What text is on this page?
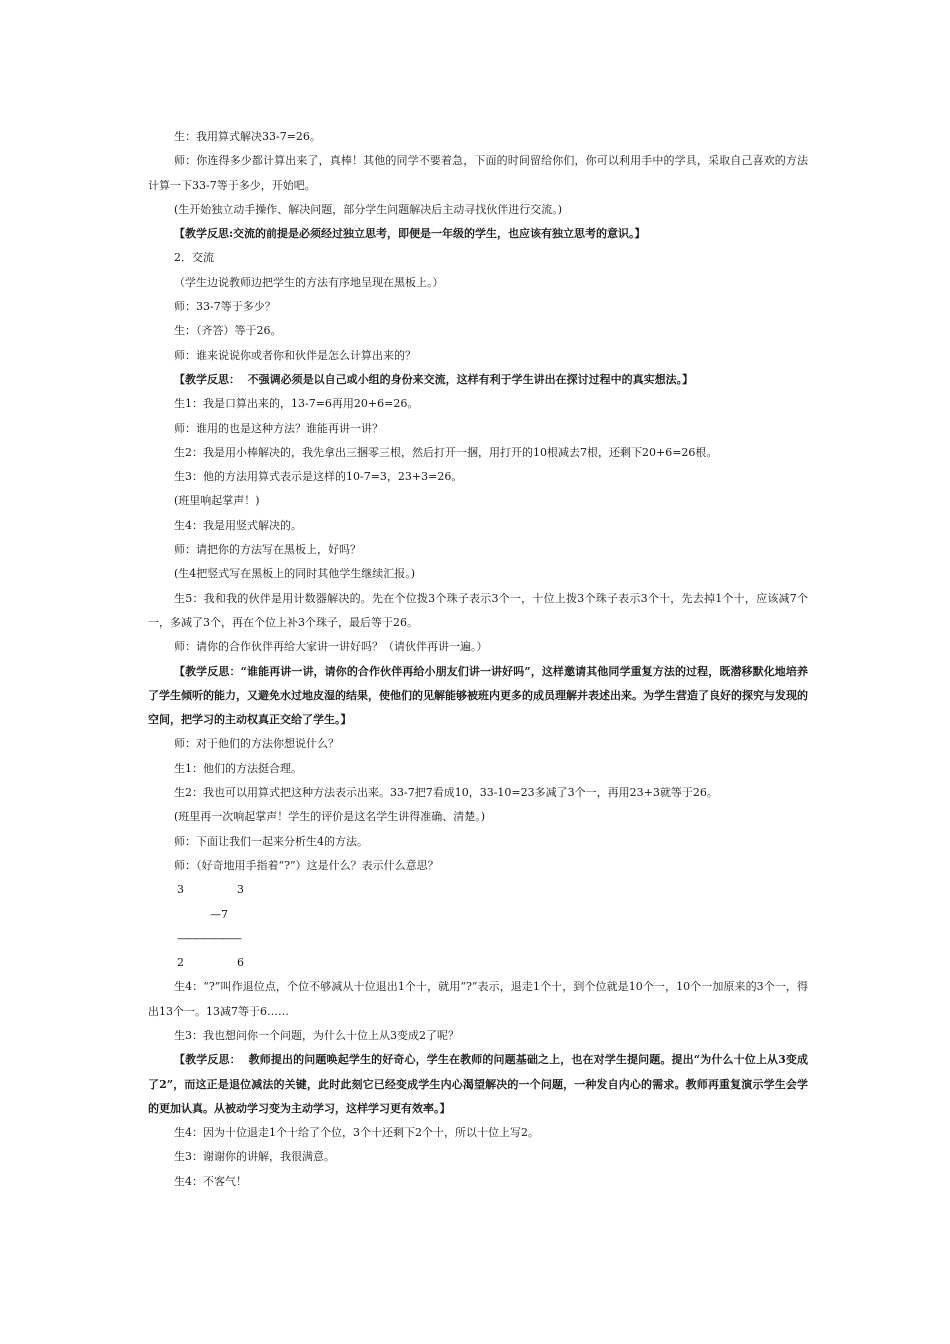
生：我用算式解决33-7=26。

师：你连得多少都计算出来了，真棒！其他的同学不要着急，下面的时间留给你们，你可以利用手中的学具，采取自己喜欢的方法计算一下33-7等于多少，开始吧。

(生开始独立动手操作、解决问题，部分学生问题解决后主动寻找伙伴进行交流。)

【教学反思:交流的前提是必须经过独立思考，即便是一年级的学生，也应该有独立思考的意识。】

2．交流

（学生边说教师边把学生的方法有序地呈现在黑板上。）

师：33-7等于多少？

生：（齐答）等于26。

师：谁来说说你或者你和伙伴是怎么计算出来的？

【教学反思：  不强调必须是以自己或小组的身份来交流，这样有利于学生讲出在探讨过程中的真实想法。】

生1：我是口算出来的，13-7=6再用20+6=26。

师：谁用的也是这种方法？谁能再讲一讲？

生2：我是用小棒解决的，我先拿出三捆零三根，然后打开一捆，用打开的10根减去7根，还剩下20+6=26根。

生3：他的方法用算式表示是这样的10-7=3，23+3=26。

(班里响起掌声！)

生4：我是用竖式解决的。

师：请把你的方法写在黑板上，好吗？

(生4把竖式写在黑板上的同时其他学生继续汇报。)

生5：我和我的伙伴是用计数器解决的。先在个位拨3个珠子表示3个一，十位上拨3个珠子表示3个十，先去掉1个十，应该减7个一，多减了3个，再在个位上补3个珠子，最后等于26。

师：请你的合作伙伴再给大家讲一讲好吗？（请伙伴再讲一遍。）

【教学反思：“谁能再讲一讲，请你的合作伙伴再给小朋友们讲一讲好吗”，这样邀请其他同学重复方法的过程，既潜移默化地培养了学生倾听的能力，又避免水过地皮湿的结果，使他们的见解能够被班内更多的成员理解并表述出来。为学生营造了良好的探究与发现的空间，把学习的主动权真正交给了学生。】

师：对于他们的方法你想说什么？

生1：他们的方法挺合理。

生2：我也可以用算式把这种方法表示出来。33-7把7看成10，33-10=23多减了3个一，再用23+3就等于26。

(班里再一次响起掌声！学生的评价是这名学生讲得准确、清楚。)

师：下面让我们一起来分析生4的方法。

师：（好奇地用手指着“?”）这是什么？表示什么意思？

3	3
—7
———————
2	6

生4：“?”叫作退位点，个位不够减从十位退出1个十，就用“?”表示，退走1个十，到个位就是10个一，10个一加原来的3个一，得出13个一。13减7等于6……

生3：我也想问你一个问题，为什么十位上从3变成2了呢？

【教学反思：  教师提出的问题唤起学生的好奇心，学生在教师的问题基础之上，也在对学生提问题。提出“为什么十位上从3变成了2”，而这正是退位减法的关键，此时此刻它已经变成学生内心渴望解决的一个问题，一种发自内心的需求。教师再重复演示学生会学的更加认真。从被动学习变为主动学习，这样学习更有效率。】

生4：因为十位退走1个十给了个位，3个十还剩下2个十，所以十位上写2。

生3：谢谢你的讲解，我很满意。

生4：不客气！
